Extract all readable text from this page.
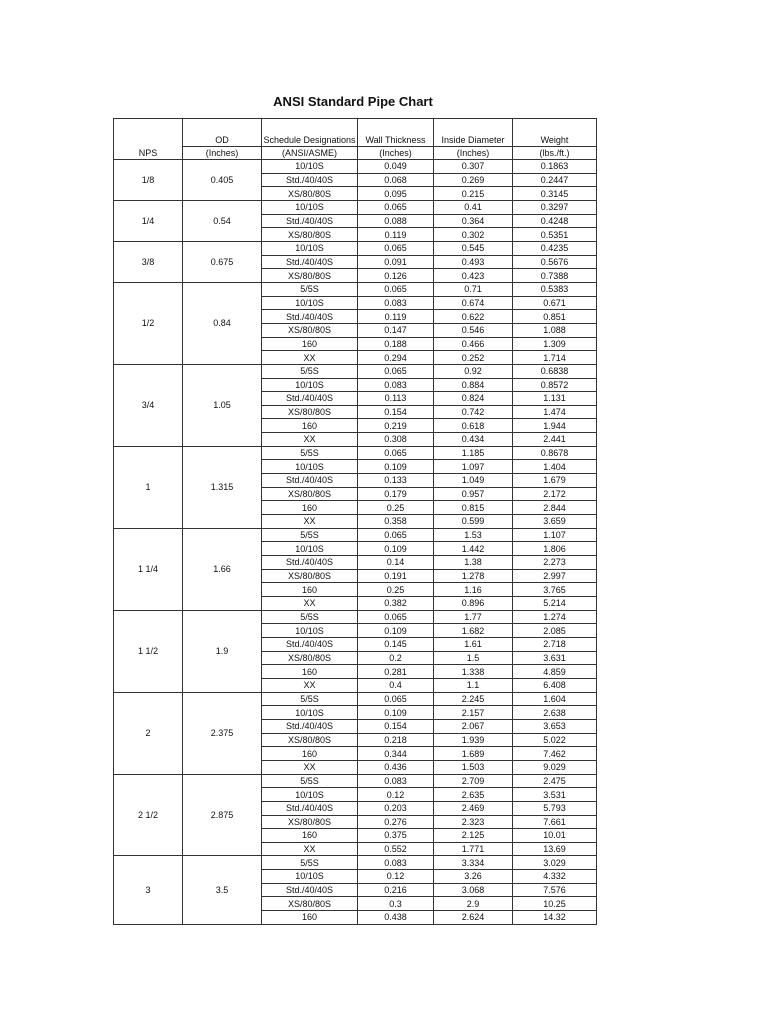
ANSI Standard Pipe Chart
NPS	OD	Schedule Designations	Wall Thickness	Inside Diameter	Weight
	(Inches)	(ANSI/ASME)	(Inches)	(Inches)	(lbs./ft.)
1/8	0.405	10/10S	0.049	0.307	0.1863
		Std./40/40S	0.068	0.269	0.2447
		XS/80/80S	0.095	0.215	0.3145
1/4	0.54	10/10S	0.065	0.41	0.3297
		Std./40/40S	0.088	0.364	0.4248
		XS/80/80S	0.119	0.302	0.5351
3/8	0.675	10/10S	0.065	0.545	0.4235
		Std./40/40S	0.091	0.493	0.5676
		XS/80/80S	0.126	0.423	0.7388
1/2	0.84	5/5S	0.065	0.71	0.5383
		10/10S	0.083	0.674	0.671
		Std./40/40S	0.119	0.622	0.851
		XS/80/80S	0.147	0.546	1.088
		160	0.188	0.466	1.309
		XX	0.294	0.252	1.714
3/4	1.05	5/5S	0.065	0.92	0.6838
		10/10S	0.083	0.884	0.8572
		Std./40/40S	0.113	0.824	1.131
		XS/80/80S	0.154	0.742	1.474
		160	0.219	0.618	1.944
		XX	0.308	0.434	2.441
1	1.315	5/5S	0.065	1.185	0.8678
		10/10S	0.109	1.097	1.404
		Std./40/40S	0.133	1.049	1.679
		XS/80/80S	0.179	0.957	2.172
		160	0.25	0.815	2.844
		XX	0.358	0.599	3.659
1 1/4	1.66	5/5S	0.065	1.53	1.107
		10/10S	0.109	1.442	1.806
		Std./40/40S	0.14	1.38	2.273
		XS/80/80S	0.191	1.278	2.997
		160	0.25	1.16	3.765
		XX	0.382	0.896	5.214
1 1/2	1.9	5/5S	0.065	1.77	1.274
		10/10S	0.109	1.682	2.085
		Std./40/40S	0.145	1.61	2.718
		XS/80/80S	0.2	1.5	3.631
		160	0.281	1.338	4.859
		XX	0.4	1.1	6.408
2	2.375	5/5S	0.065	2.245	1.604
		10/10S	0.109	2.157	2.638
		Std./40/40S	0.154	2.067	3.653
		XS/80/80S	0.218	1.939	5.022
		160	0.344	1.689	7.462
		XX	0.436	1.503	9.029
2 1/2	2.875	5/5S	0.083	2.709	2.475
		10/10S	0.12	2.635	3.531
		Std./40/40S	0.203	2.469	5.793
		XS/80/80S	0.276	2.323	7.661
		160	0.375	2.125	10.01
		XX	0.552	1.771	13.69
3	3.5	5/5S	0.083	3.334	3.029
		10/10S	0.12	3.26	4.332
		Std./40/40S	0.216	3.068	7.576
		XS/80/80S	0.3	2.9	10.25
		160	0.438	2.624	14.32
